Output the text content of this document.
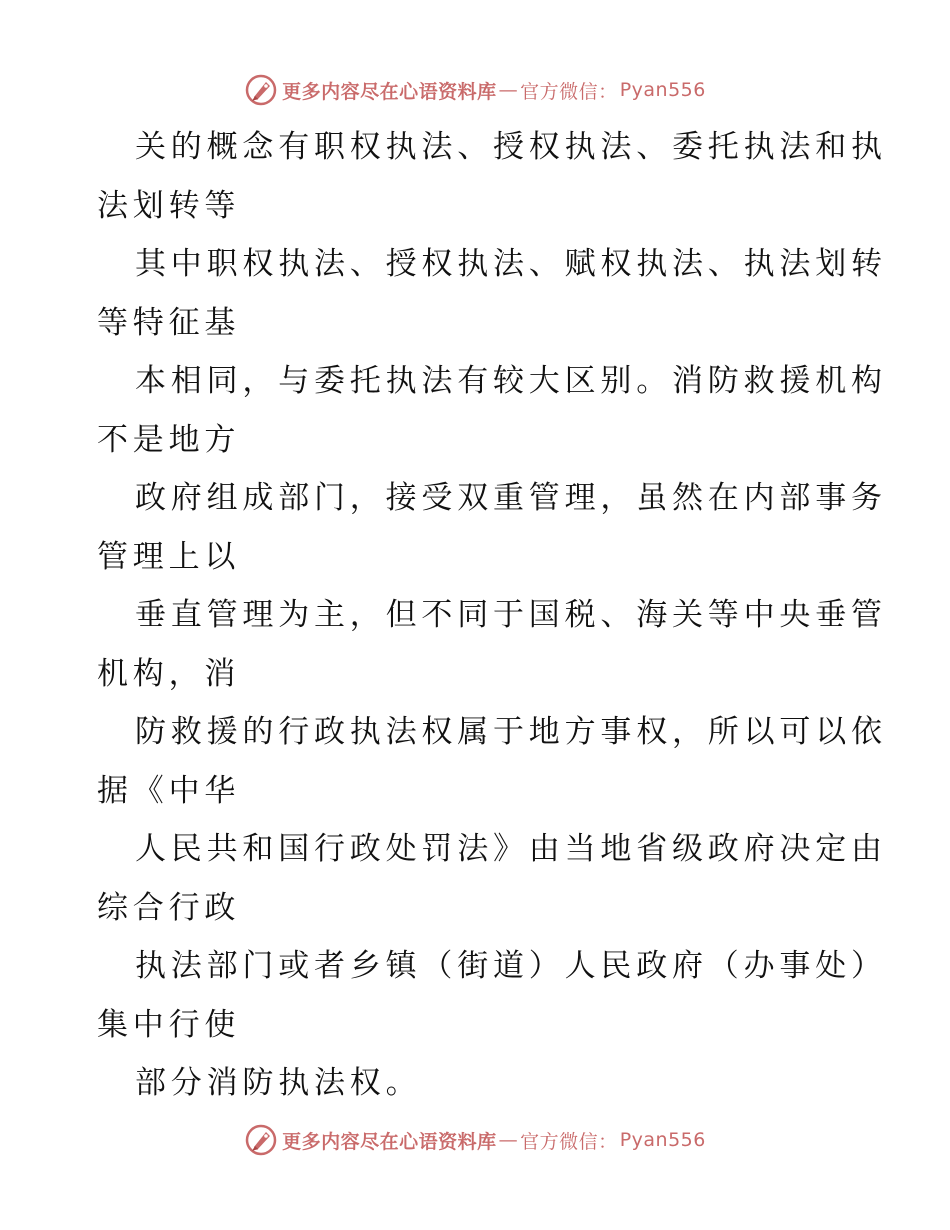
更多内容尽在心语资料库 — 官方微信： Pyan556

关的概念有职权执法、授权执法、委托执法和执
法划转等

其中职权执法、授权执法、赋权执法、执法划转
等特征基

本相同，与委托执法有较大区别。消防救援机构
不是地方

政府组成部门，接受双重管理，虽然在内部事务
管理上以

垂直管理为主，但不同于国税、海关等中央垂管
机构，消

防救援的行政执法权属于地方事权，所以可以依
据《中华

人民共和国行政处罚法》由当地省级政府决定由
综合行政

执法部门或者乡镇（街道）人民政府（办事处）
集中行使

部分消防执法权。

更多内容尽在心语资料库 — 官方微信： Pyan556
